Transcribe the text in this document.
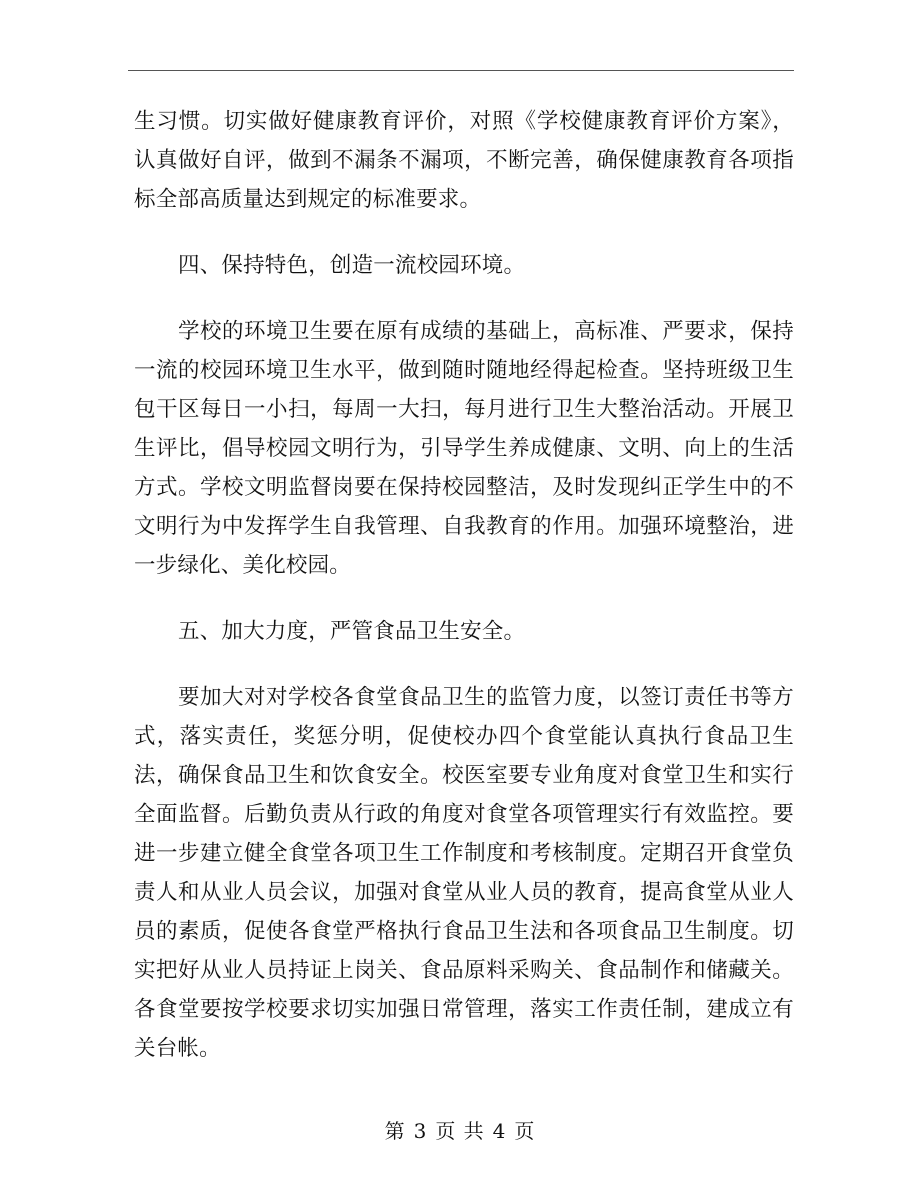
生习惯。切实做好健康教育评价，对照《学校健康教育评价方案》，认真做好自评，做到不漏条不漏项，不断完善，确保健康教育各项指标全部高质量达到规定的标准要求。

四、保持特色，创造一流校园环境。

学校的环境卫生要在原有成绩的基础上，高标准、严要求，保持一流的校园环境卫生水平，做到随时随地经得起检查。坚持班级卫生包干区每日一小扫，每周一大扫，每月进行卫生大整治活动。开展卫生评比，倡导校园文明行为，引导学生养成健康、文明、向上的生活方式。学校文明监督岗要在保持校园整洁，及时发现纠正学生中的不文明行为中发挥学生自我管理、自我教育的作用。加强环境整治，进一步绿化、美化校园。

五、加大力度，严管食品卫生安全。

要加大对对学校各食堂食品卫生的监管力度，以签订责任书等方式，落实责任，奖惩分明，促使校办四个食堂能认真执行食品卫生法，确保食品卫生和饮食安全。校医室要专业角度对食堂卫生和实行全面监督。后勤负责从行政的角度对食堂各项管理实行有效监控。要进一步建立健全食堂各项卫生工作制度和考核制度。定期召开食堂负责人和从业人员会议，加强对食堂从业人员的教育，提高食堂从业人员的素质，促使各食堂严格执行食品卫生法和各项食品卫生制度。切实把好从业人员持证上岗关、食品原料采购关、食品制作和储藏关。各食堂要按学校要求切实加强日常管理，落实工作责任制，建成立有关台帐。

第 3 页 共 4 页
